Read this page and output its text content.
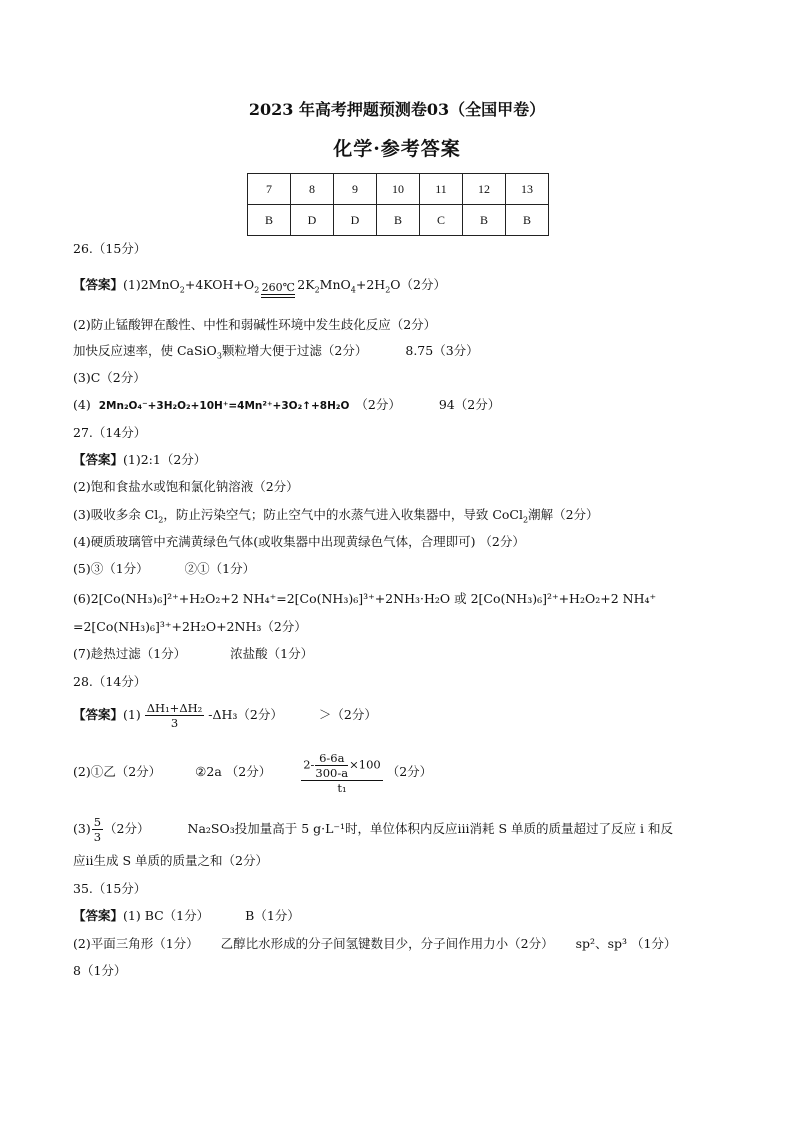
2023 年高考押题预测卷03（全国甲卷）
化学·参考答案
7	8	9	10	11	12	13
B	D	D	B	C	B	B
26.（15分）
【答案】$(1)2MnO_2+4KOH+O_2$ 260℃ $2K_2MnO_4+2H_2O(2$分）
(2)防止锰酸钾在酸性、中性和弱碱性环境中发生歧化反应（2分）
加快反应速率，使 CaSiO$_3$颗粒增大便于过滤（2分）	8.75（3分）
(3)C（2分）
(4) 2Mn₂O₄⁻+3H₂O₂+10H⁺=4Mn²⁺+3O₂↑+8H₂O （2分）	94（2分）
27.（14分）
【答案】(1)2:1（2分）
(2)饱和食盐水或饱和氯化钠溶液（2分）
(3)吸收多余 $Cl_2$，防止污染空气；防止空气中的水蒸气进入收集器中，导致 CoCl$_2$潮解（2分）
(4)硬质玻璃管中充满黄绿色气体(或收集器中出现黄绿色气体，合理即可) （2分）
(5)③（1分）	②①（1分）
(6)2[Co(NH₃)₆]²⁺+H₂O₂+2 NH₄⁺=2[Co(NH₃)₆]³⁺+2NH₃·H₂O 或 2[Co(NH₃)₆]²⁺+H₂O₂+2 NH₄⁺
=2[Co(NH₃)₆]³⁺+2H₂O+2NH₃（2分）
(7)趁热过滤（1分）	浓盐酸（1分）
28.（14分）
【答案】$(1) \frac{\text{ΔH₁+ΔH₂}}{3} -\Delta H_3(2$分）	＞（2分）
(2)①乙（2分）	②2a （2分）	$\frac{2- \frac{6-6a}{300-a} \times 100}{\text{t₁}} (2$分）
$(3) \frac{5}{3} (2$分）	Na₂SO₃投加量高于 5 g·L⁻¹时，单位体积内反应ⅲ消耗 S 单质的质量超过了反应 i 和反
应ⅱ生成 S 单质的质量之和（2分）
35.（15分）
【答案】(1) BC（1分）	B（1分）
(2)平面三角形（1分） 乙醇比水形成的分子间氢键数目少，分子间作用力小（2分） sp²、sp³ （1分）
8（1分）
